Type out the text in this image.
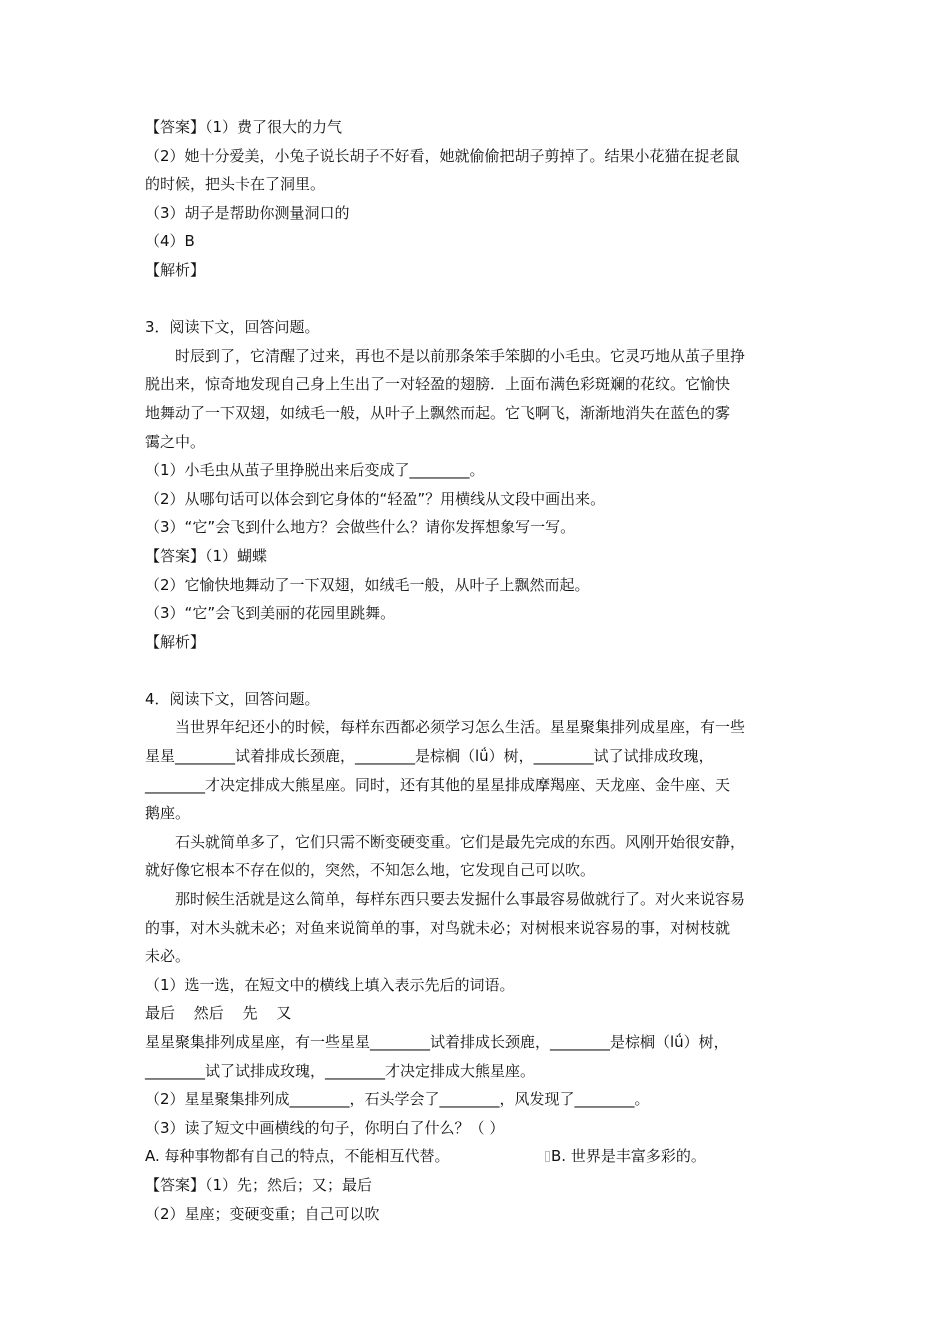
【答案】（1）费了很大的力气
（2）她十分爱美，小兔子说长胡子不好看，她就偷偷把胡子剪掉了。结果小花猫在捉老鼠
的时候，把头卡在了洞里。
（3）胡子是帮助你测量洞口的
（4）B
【解析】
3．阅读下文，回答问题。
时辰到了，它清醒了过来，再也不是以前那条笨手笨脚的小毛虫。它灵巧地从茧子里挣
脱出来，惊奇地发现自己身上生出了一对轻盈的翅膀．上面布满色彩斑斓的花纹。它愉快
地舞动了一下双翅，如绒毛一般，从叶子上飘然而起。它飞啊飞，渐渐地消失在蓝色的雾
霭之中。
（1）小毛虫从茧子里挣脱出来后变成了________。
（2）从哪句话可以体会到它身体的“轻盈”？用横线从文段中画出来。
（3）“它”会飞到什么地方？会做些什么？请你发挥想象写一写。
【答案】（1）蝴蝶
（2）它愉快地舞动了一下双翅，如绒毛一般，从叶子上飘然而起。
（3）“它”会飞到美丽的花园里跳舞。
【解析】
4．阅读下文，回答问题。
当世界年纪还小的时候，每样东西都必须学习怎么生活。星星聚集排列成星座，有一些
星星________试着排成长颈鹿，________是棕榈（lǘ）树，________试了试排成玫瑰，
________才决定排成大熊星座。同时，还有其他的星星排成摩羯座、天龙座、金牛座、天
鹅座。
石头就简单多了，它们只需不断变硬变重。它们是最先完成的东西。风刚开始很安静，
就好像它根本不存在似的，突然，不知怎么地，它发现自己可以吹。
那时候生活就是这么简单，每样东西只要去发掘什么事最容易做就行了。对火来说容易
的事，对木头就未必；对鱼来说简单的事，对鸟就未必；对树根来说容易的事，对树枝就
未必。
（1）选一选，在短文中的横线上填入表示先后的词语。
最后 然后 先 又
星星聚集排列成星座，有一些星星________试着排成长颈鹿，________是棕榈（lǘ）树，
________试了试排成玫瑰，________才决定排成大熊星座。
（2）星星聚集排列成________，石头学会了________，风发现了________。
（3）读了短文中画横线的句子，你明白了什么？（ ）
A. 每种事物都有自己的特点，不能相互代替。	B. 世界是丰富多彩的。
【答案】（1）先；然后；又；最后
（2）星座；变硬变重；自己可以吹
